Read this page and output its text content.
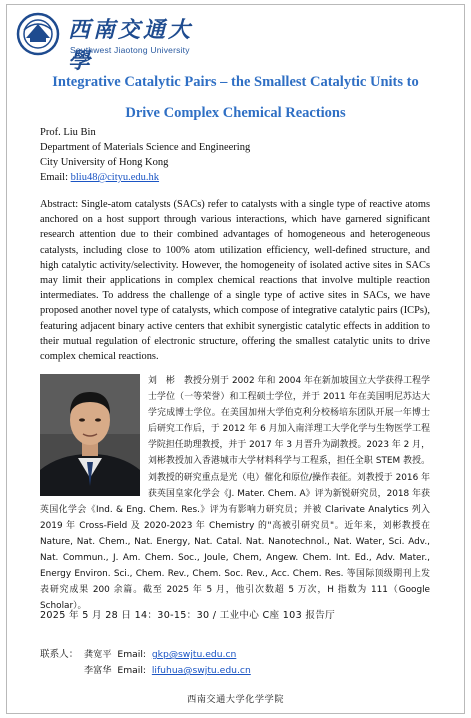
西南交通大學
Southwest Jiaotong University
Integrative Catalytic Pairs – the Smallest Catalytic Units to
Drive Complex Chemical Reactions
Prof. Liu Bin
Department of Materials Science and Engineering
City University of Hong Kong
Email: bliu48@cityu.edu.hk
Abstract: Single-atom catalysts (SACs) refer to catalysts with a single type of reactive atoms anchored on a host support through various interactions, which have garnered significant research attention due to their combined advantages of homogeneous and heterogeneous catalysts, including close to 100% atom utilization efficiency, well-defined structure, and high catalytic activity/selectivity. However, the homogeneity of isolated active sites in SACs may limit their applications in complex chemical reactions that involve multiple reaction intermediates. To address the challenge of a single type of active sites in SACs, we have proposed another novel type of catalysts, which compose of integrative catalytic pairs (ICPs), featuring adjacent binary active centers that exhibit synergistic catalytic effects in addition to their mutual regulation of electronic structure, offering the smallest catalytic units to drive complex chemical reactions.
刘　彬　教授分别于 2002 年和 2004 年在新加坡国立大学获得工程学士学位（一等荣誉）和工程硕士学位，并于 2011 年在美国明尼苏达大学完成博士学位。在美国加州大学伯克利分校杨培东团队开展一年博士后研究工作后，于 2012 年 6 月加入南洋理工大学化学与生物医学工程学院担任助理教授，并于 2017 年 3 月晋升为副教授。2023 年 2 月，刘彬教授加入香港城市大学材料科学与工程系，担任全职 STEM 教授。刘教授的研究重点是光（电）催化和原位/操作表征。刘教授于 2016 年获英国皇家化学会《J. Mater. Chem. A》评为新锐研究员，2018 年获英国化学会《Ind. & Eng. Chem. Res.》评为有影响力研究员；并被 Clarivate Analytics 列入 2019 年 Cross-Field 及 2020-2023 年 Chemistry 的"高被引研究员"。近年来，刘彬教授在 Nature, Nat. Chem., Nat. Energy, Nat. Catal. Nat. Nanotechnol., Nat. Water, Sci. Adv., Nat. Commun., J. Am. Chem. Soc., Joule, Chem, Angew. Chem. Int. Ed., Adv. Mater., Energy Environ. Sci., Chem. Rev., Chem. Soc. Rev., Acc. Chem. Res. 等国际顶级期刊上发表研究成果 200 余篇。截至 2025 年 5 月，他引次数超 5 万次，H 指数为 111（Google Scholar）。
2025 年 5 月 28 日 14：30-15：30 / 工业中心 C座 103 报告厅
联系人： 龚宽平 Email: gkp@swjtu.edu.cn
李富华 Email: lifuhua@swjtu.edu.cn
西南交通大学化学学院
